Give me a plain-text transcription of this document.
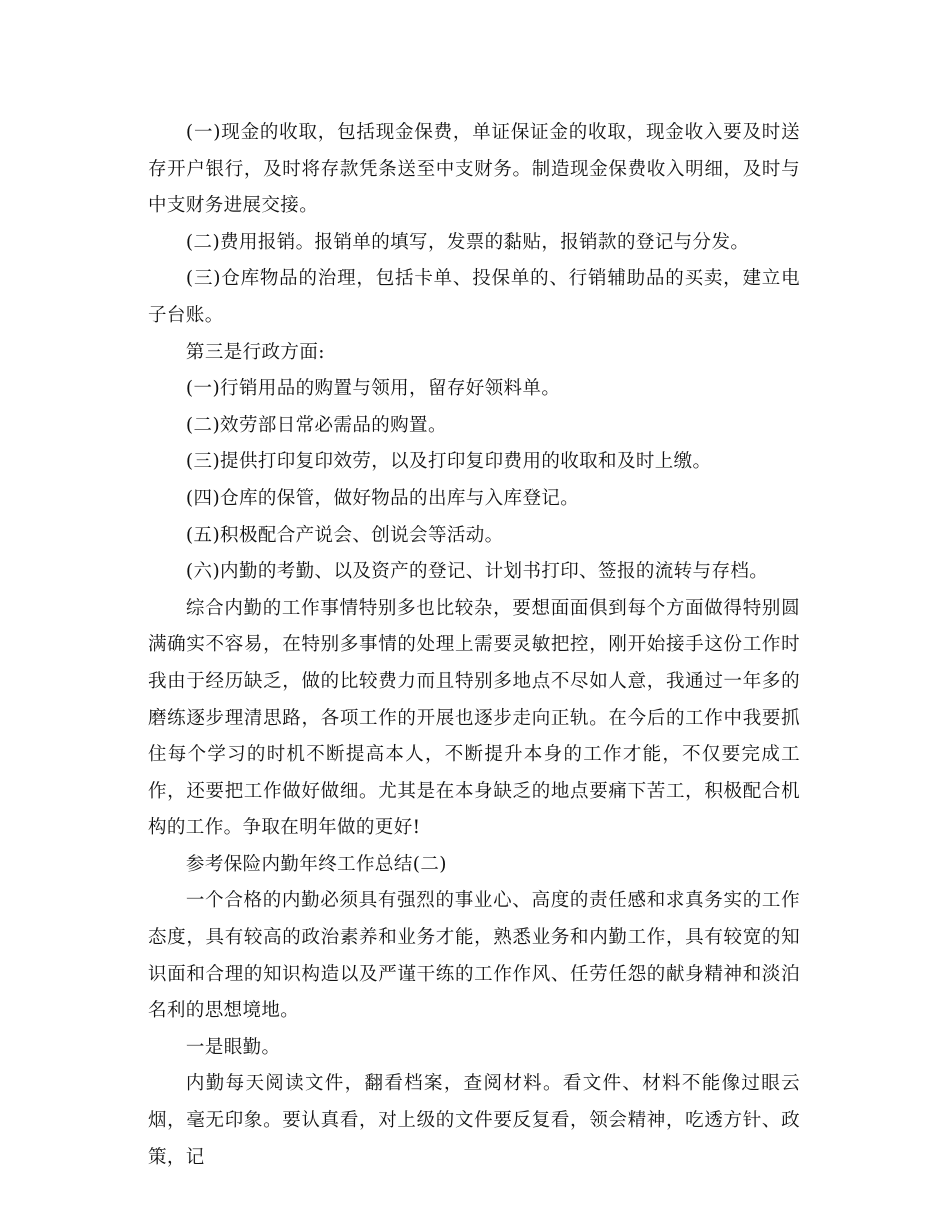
(一)现金的收取，包括现金保费，单证保证金的收取，现金收入要及时送存开户银行，及时将存款凭条送至中支财务。制造现金保费收入明细，及时与中支财务进展交接。

(二)费用报销。报销单的填写，发票的黏贴，报销款的登记与分发。

(三)仓库物品的治理，包括卡单、投保单的、行销辅助品的买卖，建立电子台账。

第三是行政方面:

(一)行销用品的购置与领用，留存好领料单。

(二)效劳部日常必需品的购置。

(三)提供打印复印效劳，以及打印复印费用的收取和及时上缴。

(四)仓库的保管，做好物品的出库与入库登记。

(五)积极配合产说会、创说会等活动。

(六)内勤的考勤、以及资产的登记、计划书打印、签报的流转与存档。

综合内勤的工作事情特别多也比较杂，要想面面俱到每个方面做得特别圆满确实不容易，在特别多事情的处理上需要灵敏把控，刚开始接手这份工作时我由于经历缺乏，做的比较费力而且特别多地点不尽如人意，我通过一年多的磨练逐步理清思路，各项工作的开展也逐步走向正轨。在今后的工作中我要抓住每个学习的时机不断提高本人，不断提升本身的工作才能，不仅要完成工作，还要把工作做好做细。尤其是在本身缺乏的地点要痛下苦工，积极配合机构的工作。争取在明年做的更好!

参考保险内勤年终工作总结(二)

一个合格的内勤必须具有强烈的事业心、高度的责任感和求真务实的工作态度，具有较高的政治素养和业务才能，熟悉业务和内勤工作，具有较宽的知识面和合理的知识构造以及严谨干练的工作作风、任劳任怨的献身精神和淡泊名利的思想境地。

一是眼勤。

内勤每天阅读文件，翻看档案，查阅材料。看文件、材料不能像过眼云烟，毫无印象。要认真看，对上级的文件要反复看，领会精神，吃透方针、政策，记
